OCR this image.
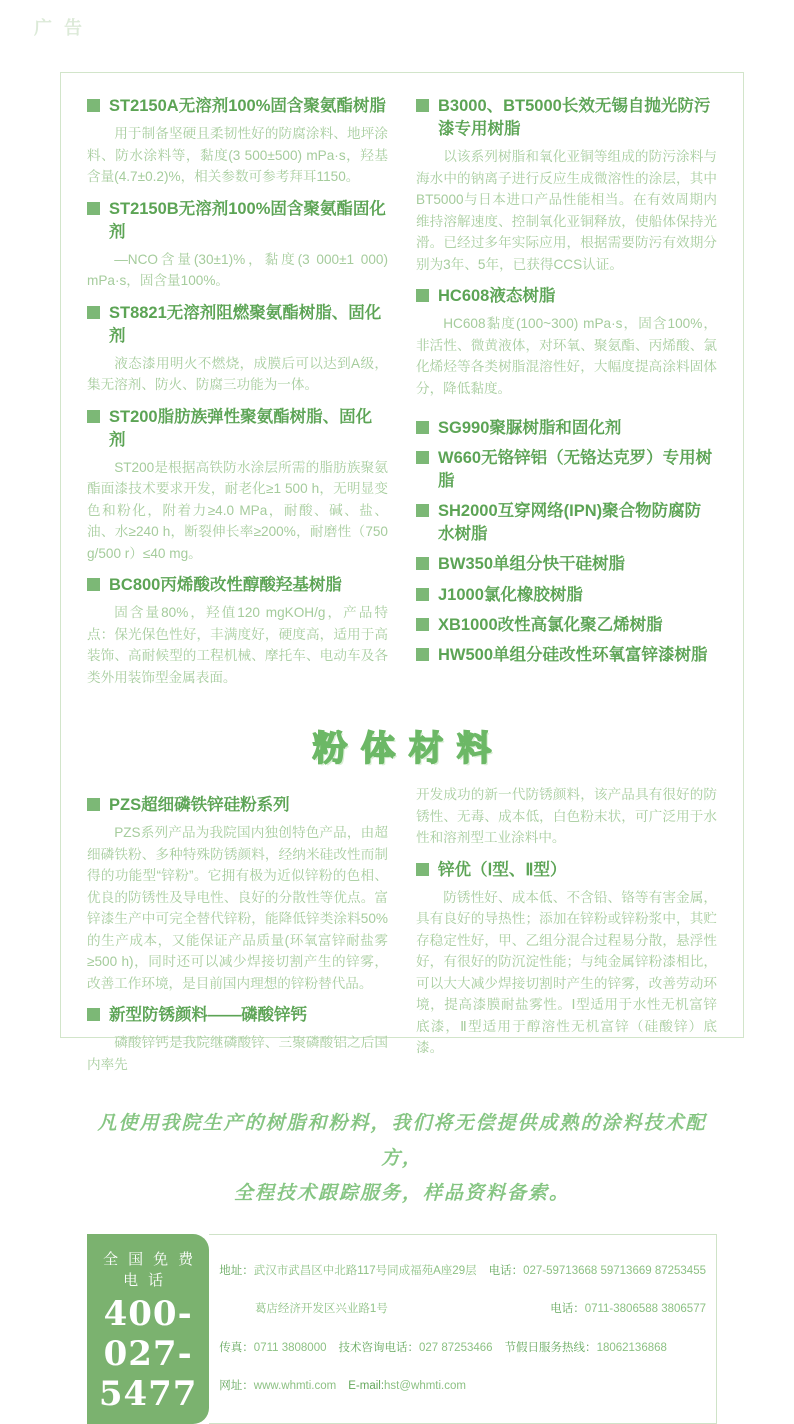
广告
ST2150A无溶剂100%固含聚氨酯树脂

用于制备坚硬且柔韧性好的防腐涂料、地坪涂料、防水涂料等，黏度(3 500±500) mPa·s，羟基含量(4.7±0.2)%，相关参数可参考拜耳1150。

ST2150B无溶剂100%固含聚氨酯固化剂

—NCO含量(30±1)%，黏度(3 000±1 000) mPa·s，固含量100%。

ST8821无溶剂阻燃聚氨酯树脂、固化剂

液态漆用明火不燃烧，成膜后可以达到A级，集无溶剂、防火、防腐三功能为一体。

ST200脂肪族弹性聚氨酯树脂、固化剂

ST200是根据高铁防水涂层所需的脂肪族聚氨酯面漆技术要求开发，耐老化≥1 500 h，无明显变色和粉化，附着力≥4.0 MPa，耐酸、碱、盐、油、水≥240 h，断裂伸长率≥200%，耐磨性（750 g/500 r）≤40 mg。

BC800丙烯酸改性醇酸羟基树脂

固含量80%，羟值120 mgKOH/g，产品特点：保光保色性好，丰满度好，硬度高，适用于高装饰、高耐候型的工程机械、摩托车、电动车及各类外用装饰型金属表面。

B3000、BT5000长效无锡自抛光防污漆专用树脂

以该系列树脂和氧化亚铜等组成的防污涂料与海水中的钠离子进行反应生成微溶性的涂层，其中BT5000与日本进口产品性能相当。在有效周期内维持溶解速度、控制氧化亚铜释放，使船体保持光滑。已经过多年实际应用，根据需要防污有效期分别为3年、5年，已获得CCS认证。

HC608液态树脂

HC608黏度(100~300) mPa·s，固含100%，非活性、微黄液体，对环氧、聚氨酯、丙烯酸、氯化烯烃等各类树脂混溶性好，大幅度提高涂料固体分，降低黏度。

SG990聚脲树脂和固化剂
W660无铬锌铝（无铬达克罗）专用树脂
SH2000互穿网络(IPN)聚合物防腐防水树脂
BW350单组分快干硅树脂
J1000氯化橡胶树脂
XB1000改性高氯化聚乙烯树脂
HW500单组分硅改性环氧富锌漆树脂
粉体材料
PZS超细磷铁锌硅粉系列

PZS系列产品为我院国内独创特色产品，由超细磷铁粉、多种特殊防锈颜料，经纳米硅改性而制得的功能型“锌粉”。它拥有极为近似锌粉的色相、优良的防锈性及导电性、良好的分散性等优点。富锌漆生产中可完全替代锌粉，能降低锌类涂料50%的生产成本，又能保证产品质量(环氧富锌耐盐雾≥500 h)，同时还可以减少焊接切割产生的锌雾，改善工作环境，是目前国内理想的锌粉替代品。

新型防锈颜料——磷酸锌钙

磷酸锌钙是我院继磷酸锌、三聚磷酸铝之后国内率先

开发成功的新一代防锈颜料，该产品具有很好的防锈性、无毒、成本低，白色粉末状，可广泛用于水性和溶剂型工业涂料中。

锌优（Ⅰ型、Ⅱ型）

防锈性好、成本低、不含铅、铬等有害金属，具有良好的导热性；添加在锌粉或锌粉浆中，其贮存稳定性好，甲、乙组分混合过程易分散，悬浮性好，有很好的防沉淀性能；与纯金属锌粉漆相比，可以大大减少焊接切割时产生的锌雾，改善劳动环境，提高漆膜耐盐雾性。Ⅰ型适用于水性无机富锌底漆，Ⅱ型适用于醇溶性无机富锌（硅酸锌）底漆。

凡使用我院生产的树脂和粉料，我们将无偿提供成熟的涂料技术配方，
全程技术跟踪服务，样品资料备索。
全国免费电话
400-027-5477
地址： 武汉市武昌区中北路117号同成福苑A座29层 电话： 027-59713668 59713669 87253455
葛店经济开发区兴业路1号	电话： 0711-3806588 3806577
传真： 0711 3808000 技术咨询电话： 027 87253466 节假日服务热线： 18062136868
网址： www.whmti.com E-mail: hst@whmti.com
